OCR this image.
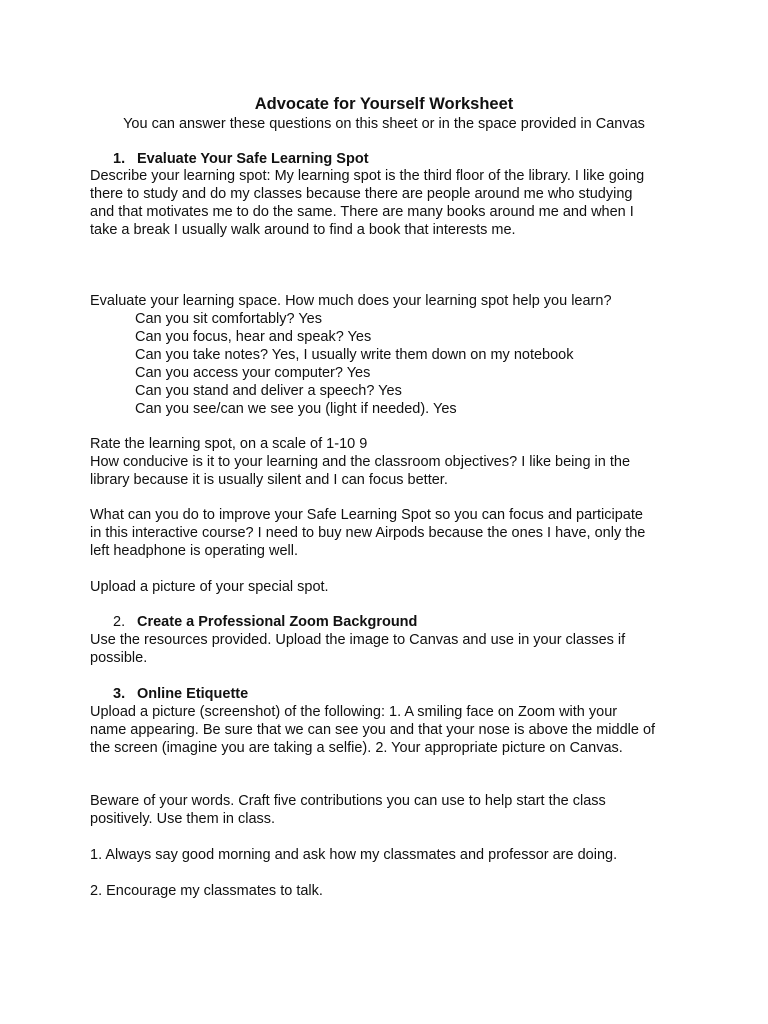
Advocate for Yourself Worksheet
You can answer these questions on this sheet or in the space provided in Canvas
1. Evaluate Your Safe Learning Spot
Describe your learning spot: My learning spot is the third floor of the library. I like going
there to study and do my classes because there are people around me who studying
and that motivates me to do the same. There are many books around me and when I
take a break I usually walk around to find a book that interests me.
Evaluate your learning space. How much does your learning spot help you learn?
Can you sit comfortably? Yes
Can you focus, hear and speak? Yes
Can you take notes? Yes, I usually write them down on my notebook
Can you access your computer? Yes
Can you stand and deliver a speech? Yes
Can you see/can we see you (light if needed). Yes
Rate the learning spot, on a scale of 1-10 9
How conducive is it to your learning and the classroom objectives? I like being in the
library because it is usually silent and I can focus better.
What can you do to improve your Safe Learning Spot so you can focus and participate
in this interactive course? I need to buy new Airpods because the ones I have, only the
left headphone is operating well.
Upload a picture of your special spot.
2. Create a Professional Zoom Background
Use the resources provided. Upload the image to Canvas and use in your classes if
possible.
3. Online Etiquette
Upload a picture (screenshot) of the following: 1. A smiling face on Zoom with your
name appearing. Be sure that we can see you and that your nose is above the middle of
the screen (imagine you are taking a selfie). 2. Your appropriate picture on Canvas.
Beware of your words. Craft five contributions you can use to help start the class
positively. Use them in class.
1. Always say good morning and ask how my classmates and professor are doing.
2. Encourage my classmates to talk.
